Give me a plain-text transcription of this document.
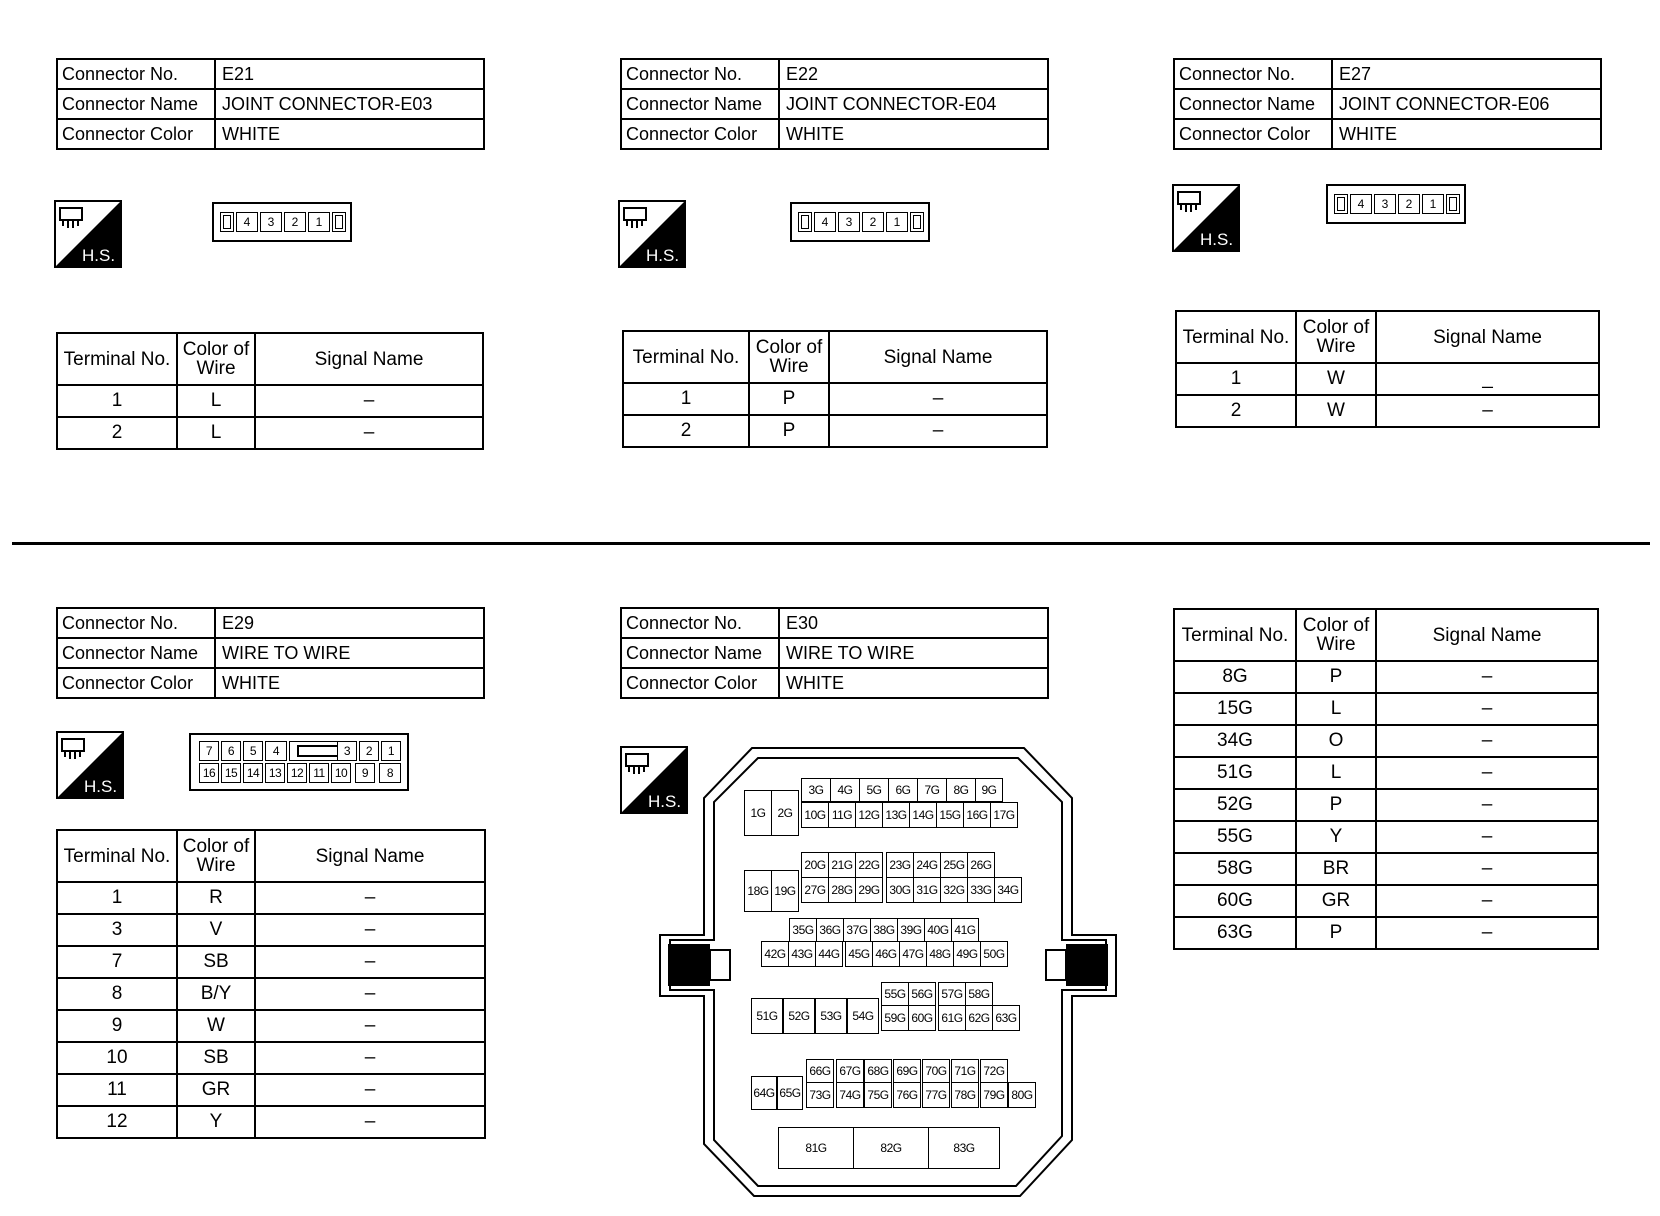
Connector No.	E21
Connector Name	JOINT CONNECTOR-E03
Connector Color	WHITE
H.S.
4	3	2	1
Terminal No.	Color of
Wire	Signal Name
1	L	–
2	L	–
Connector No.	E22
Connector Name	JOINT CONNECTOR-E04
Connector Color	WHITE
H.S.
4	3	2	1
Terminal No.	Color of
Wire	Signal Name
1	P	–
2	P	–
Connector No.	E27
Connector Name	JOINT CONNECTOR-E06
Connector Color	WHITE
H.S.
4	3	2	1
Terminal No.	Color of
Wire	Signal Name
1	W	_
2	W	–
Connector No.	E29
Connector Name	WIRE TO WIRE
Connector Color	WHITE
H.S.
7	6	5	4	3	2	1
16 15 14 13 12 11 10	9	8
Terminal No.	Color of
Wire	Signal Name
1	R	–
3	V	–
7	SB	–
8	B/Y	–
9	W	–
10	SB	–
11	GR	–
12	Y	–
Connector No.	E30
Connector Name	WIRE TO WIRE
Connector Color	WHITE
H.S.
1G 2G
3G	4G	5G	6G	7G	8G	9G
10G 11G 12G 13G 14G 15G 16G 17G
18G 19G
20G 21G 22G 23G 24G 25G 26G
27G 28G 29G 30G 31G 32G 33G 34G
35G 36G 37G 38G 39G 40G 41G
42G 43G 44G 45G 46G 47G 48G 49G 50G
51G 52G 53G 54G
55G 56G 57G 58G
59G 60G 61G 62G 63G
64G 65G
66G 67G 68G 69G 70G 71G 72G
73G 74G 75G 76G 77G 78G 79G 80G
81G	82G	83G
Terminal No.	Color of
Wire	Signal Name
8G	P	–
15G	L	–
34G	O	–
51G	L	–
52G	P	–
55G	Y	–
58G	BR	–
60G	GR	–
63G	P	–
